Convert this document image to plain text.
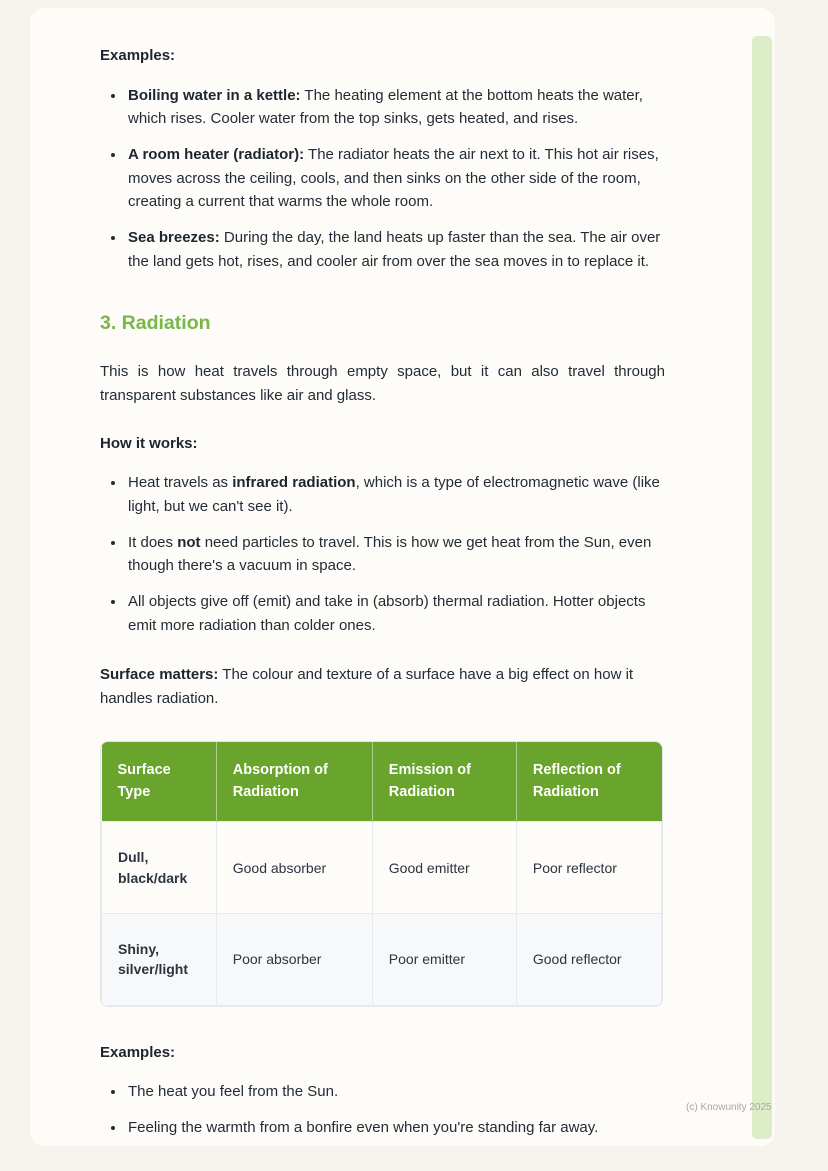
Examples:

• Boiling water in a kettle: The heating element at the bottom heats the water, which rises. Cooler water from the top sinks, gets heated, and rises.
• A room heater (radiator): The radiator heats the air next to it. This hot air rises, moves across the ceiling, cools, and then sinks on the other side of the room, creating a current that warms the whole room.
• Sea breezes: During the day, the land heats up faster than the sea. The air over the land gets hot, rises, and cooler air from over the sea moves in to replace it.
3. Radiation

This is how heat travels through empty space, but it can also travel through transparent substances like air and glass.

How it works:

• Heat travels as infrared radiation, which is a type of electromagnetic wave (like light, but we can't see it).
• It does not need particles to travel. This is how we get heat from the Sun, even though there's a vacuum in space.
• All objects give off (emit) and take in (absorb) thermal radiation. Hotter objects emit more radiation than colder ones.

Surface matters: The colour and texture of a surface have a big effect on how it handles radiation.

Surface Type	Absorption of Radiation	Emission of Radiation	Reflection of Radiation
Dull, black/dark	Good absorber	Good emitter	Poor reflector
Shiny, silver/light	Poor absorber	Poor emitter	Good reflector

Examples:

• The heat you feel from the Sun.
• Feeling the warmth from a bonfire even when you're standing far away.
(c) Knowunity 2025
